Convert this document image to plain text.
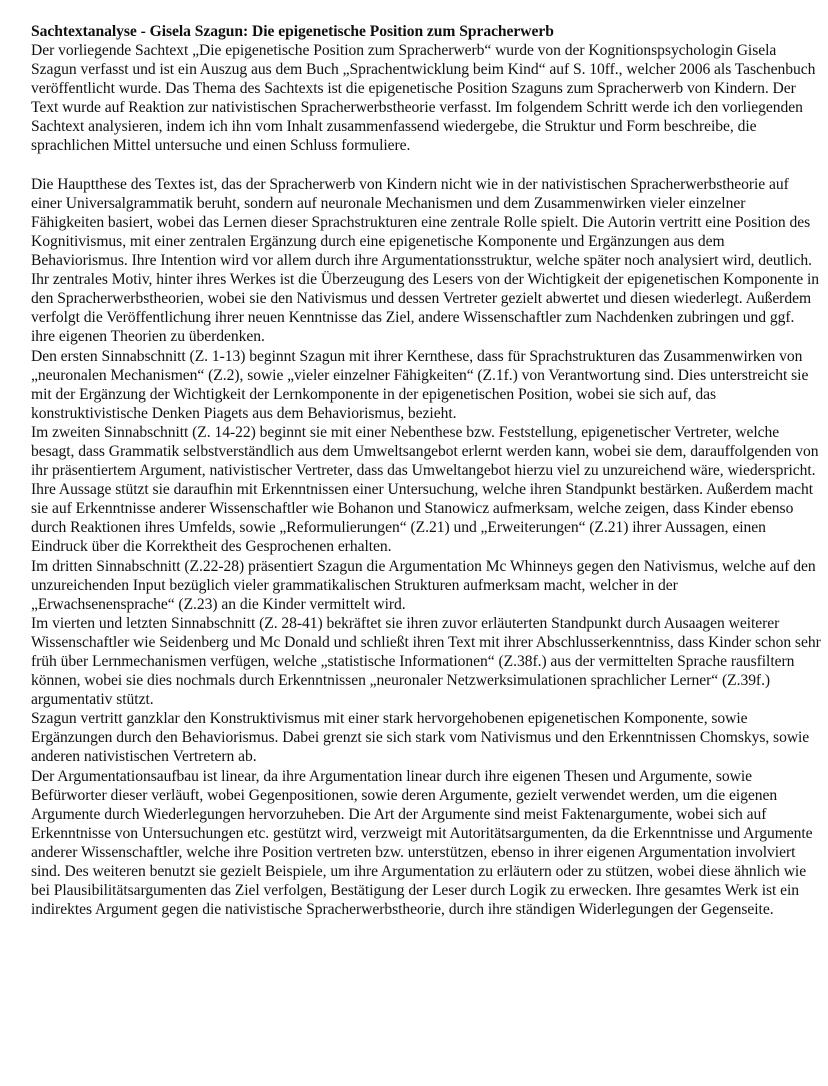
Sachtextanalyse - Gisela Szagun: Die epigenetische Position zum Spracherwerb

Der vorliegende Sachtext „Die epigenetische Position zum Spracherwerb“ wurde von der Kognitionspsychologin Gisela Szagun verfasst und ist ein Auszug aus dem Buch „Sprachentwicklung beim Kind“ auf S. 10ff., welcher 2006 als Taschenbuch veröffentlicht wurde. Das Thema des Sachtexts ist die epigenetische Position Szaguns zum Spracherwerb von Kindern. Der Text wurde auf Reaktion zur nativistischen Spracherwerbstheorie verfasst. Im folgendem Schritt werde ich den vorliegenden Sachtext analysieren, indem ich ihn vom Inhalt zusammenfassend wiedergebe, die Struktur und Form beschreibe, die sprachlichen Mittel untersuche und einen Schluss formuliere.

Die Hauptthese des Textes ist, das der Spracherwerb von Kindern nicht wie in der nativistischen Spracherwerbstheorie auf einer Universalgrammatik beruht, sondern auf neuronale Mechanismen und dem Zusammenwirken vieler einzelner Fähigkeiten basiert, wobei das Lernen dieser Sprachstrukturen eine zentrale Rolle spielt. Die Autorin vertritt eine Position des Kognitivismus, mit einer zentralen Ergänzung durch eine epigenetische Komponente und Ergänzungen aus dem Behaviorismus. Ihre Intention wird vor allem durch ihre Argumentationsstruktur, welche später noch analysiert wird, deutlich. Ihr zentrales Motiv, hinter ihres Werkes ist die Überzeugung des Lesers von der Wichtigkeit der epigenetischen Komponente in den Spracherwerbstheorien, wobei sie den Nativismus und dessen Vertreter gezielt abwertet und diesen wiederlegt. Außerdem verfolgt die Veröffentlichung ihrer neuen Kenntnisse das Ziel, andere Wissenschaftler zum Nachdenken zubringen und ggf. ihre eigenen Theorien zu überdenken.

Den ersten Sinnabschnitt (Z. 1-13) beginnt Szagun mit ihrer Kernthese, dass für Sprachstrukturen das Zusammenwirken von „neuronalen Mechanismen“ (Z.2), sowie „vieler einzelner Fähigkeiten“ (Z.1f.) von Verantwortung sind. Dies unterstreicht sie mit der Ergänzung der Wichtigkeit der Lernkomponente in der epigenetischen Position, wobei sie sich auf, das konstruktivistische Denken Piagets aus dem Behaviorismus, bezieht.

Im zweiten Sinnabschnitt (Z. 14-22) beginnt sie mit einer Nebenthese bzw. Feststellung, epigenetischer Vertreter, welche besagt, dass Grammatik selbstverständlich aus dem Umweltsangebot erlernt werden kann, wobei sie dem, darauffolgenden von ihr präsentiertem Argument, nativistischer Vertreter, dass das Umweltangebot hierzu viel zu unzureichend wäre, wiederspricht. Ihre Aussage stützt sie daraufhin mit Erkenntnissen einer Untersuchung, welche ihren Standpunkt bestärken. Außerdem macht sie auf Erkenntnisse anderer Wissenschaftler wie Bohanon und Stanowicz aufmerksam, welche zeigen, dass Kinder ebenso durch Reaktionen ihres Umfelds, sowie „Reformulierungen“ (Z.21) und „Erweiterungen“ (Z.21) ihrer Aussagen, einen Eindruck über die Korrektheit des Gesprochenen erhalten.

Im dritten Sinnabschnitt (Z.22-28) präsentiert Szagun die Argumentation Mc Whinneys gegen den Nativismus, welche auf den unzureichenden Input bezüglich vieler grammatikalischen Strukturen aufmerksam macht, welcher in der „Erwachsenensprache“ (Z.23) an die Kinder vermittelt wird.

Im vierten und letzten Sinnabschnitt (Z. 28-41) bekräftet sie ihren zuvor erläuterten Standpunkt durch Ausaagen weiterer Wissenschaftler wie Seidenberg und Mc Donald und schließt ihren Text mit ihrer Abschlusserkenntniss, dass Kinder schon sehr früh über Lernmechanismen verfügen, welche „statistische Informationen“ (Z.38f.) aus der vermittelten Sprache rausfiltern können, wobei sie dies nochmals durch Erkenntnissen „neuronaler Netzwerksimulationen sprachlicher Lerner“ (Z.39f.) argumentativ stützt.

Szagun vertritt ganzklar den Konstruktivismus mit einer stark hervorgehobenen epigenetischen Komponente, sowie Ergänzungen durch den Behaviorismus. Dabei grenzt sie sich stark vom Nativismus und den Erkenntnissen Chomskys, sowie anderen nativistischen Vertretern ab.

Der Argumentationsaufbau ist linear, da ihre Argumentation linear durch ihre eigenen Thesen und Argumente, sowie Befürworter dieser verläuft, wobei Gegenpositionen, sowie deren Argumente, gezielt verwendet werden, um die eigenen Argumente durch Wiederlegungen hervorzuheben. Die Art der Argumente sind meist Faktenargumente, wobei sich auf Erkenntnisse von Untersuchungen etc. gestützt wird, verzweigt mit Autoritätsargumenten, da die Erkenntnisse und Argumente anderer Wissenschaftler, welche ihre Position vertreten bzw. unterstützen, ebenso in ihrer eigenen Argumentation involviert sind. Des weiteren benutzt sie gezielt Beispiele, um ihre Argumentation zu erläutern oder zu stützen, wobei diese ähnlich wie bei Plausibilitätsargumenten das Ziel verfolgen, Bestätigung der Leser durch Logik zu erwecken. Ihre gesamtes Werk ist ein indirektes Argument gegen die nativistische Spracherwerbstheorie, durch ihre ständigen Widerlegungen der Gegenseite.
